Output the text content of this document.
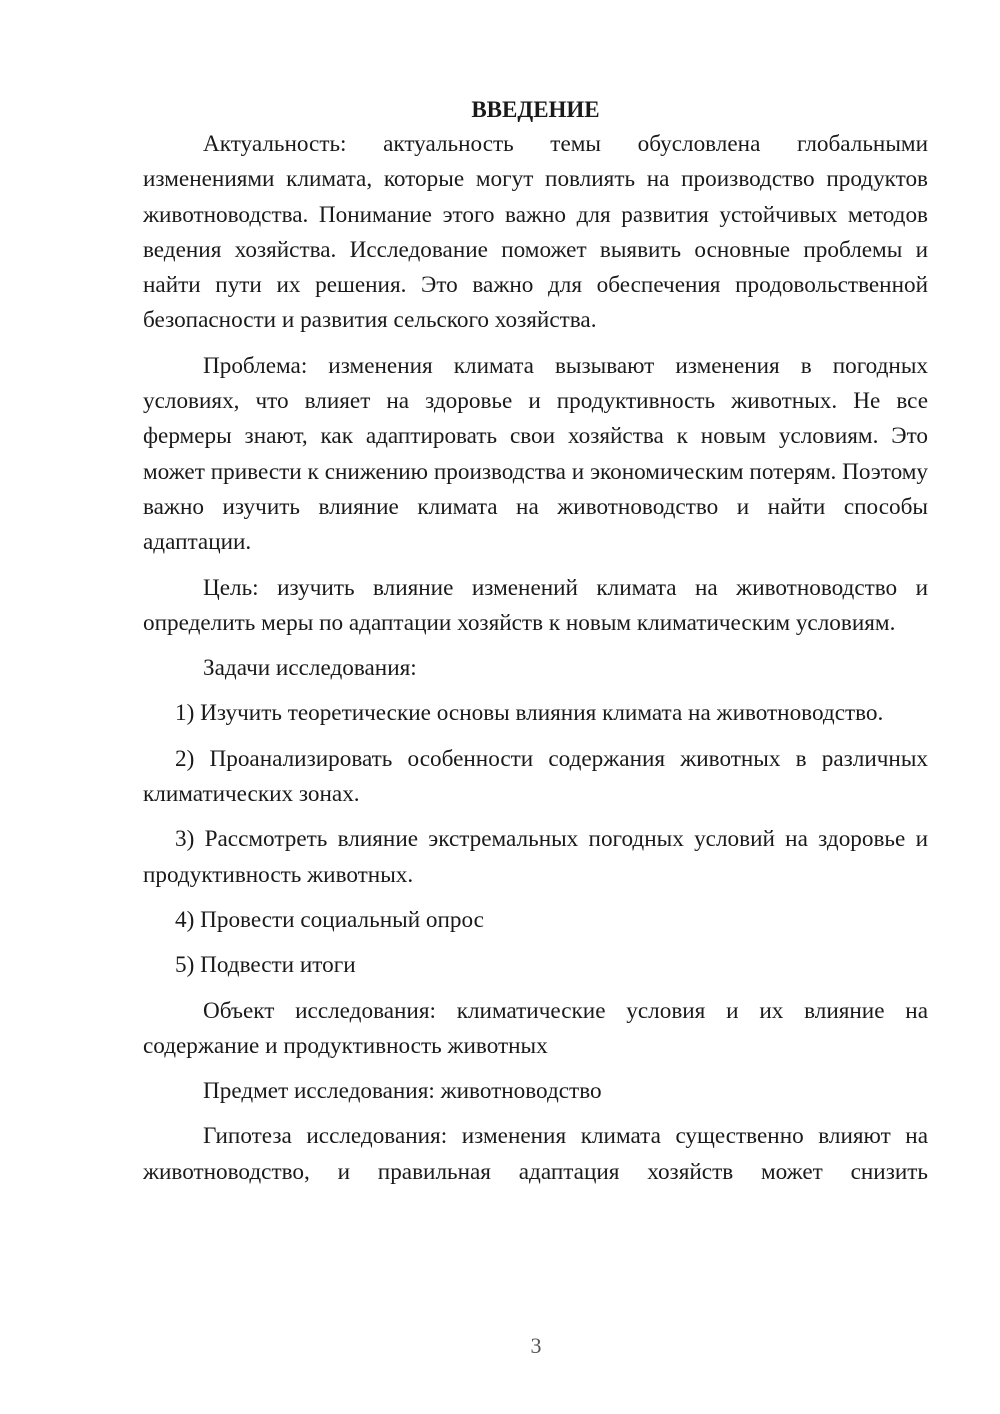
ВВЕДЕНИЕ

Актуальность: актуальность темы обусловлена глобальными изменениями климата, которые могут повлиять на производство продуктов животноводства. Понимание этого важно для развития устойчивых методов ведения хозяйства. Исследование поможет выявить основные проблемы и найти пути их решения. Это важно для обеспечения продовольственной безопасности и развития сельского хозяйства.

Проблема: изменения климата вызывают изменения в погодных условиях, что влияет на здоровье и продуктивность животных. Не все фермеры знают, как адаптировать свои хозяйства к новым условиям. Это может привести к снижению производства и экономическим потерям. Поэтому важно изучить влияние климата на животноводство и найти способы адаптации.

Цель: изучить влияние изменений климата на животноводство и определить меры по адаптации хозяйств к новым климатическим условиям.

Задачи исследования:

1) Изучить теоретические основы влияния климата на животноводство.

2) Проанализировать особенности содержания животных в различных климатических зонах.

3) Рассмотреть влияние экстремальных погодных условий на здоровье и продуктивность животных.

4) Провести социальный опрос

5) Подвести итоги

Объект исследования: климатические условия и их влияние на содержание и продуктивность животных

Предмет исследования: животноводство

Гипотеза исследования: изменения климата существенно влияют на животноводство, и правильная адаптация хозяйств может снизить

3
